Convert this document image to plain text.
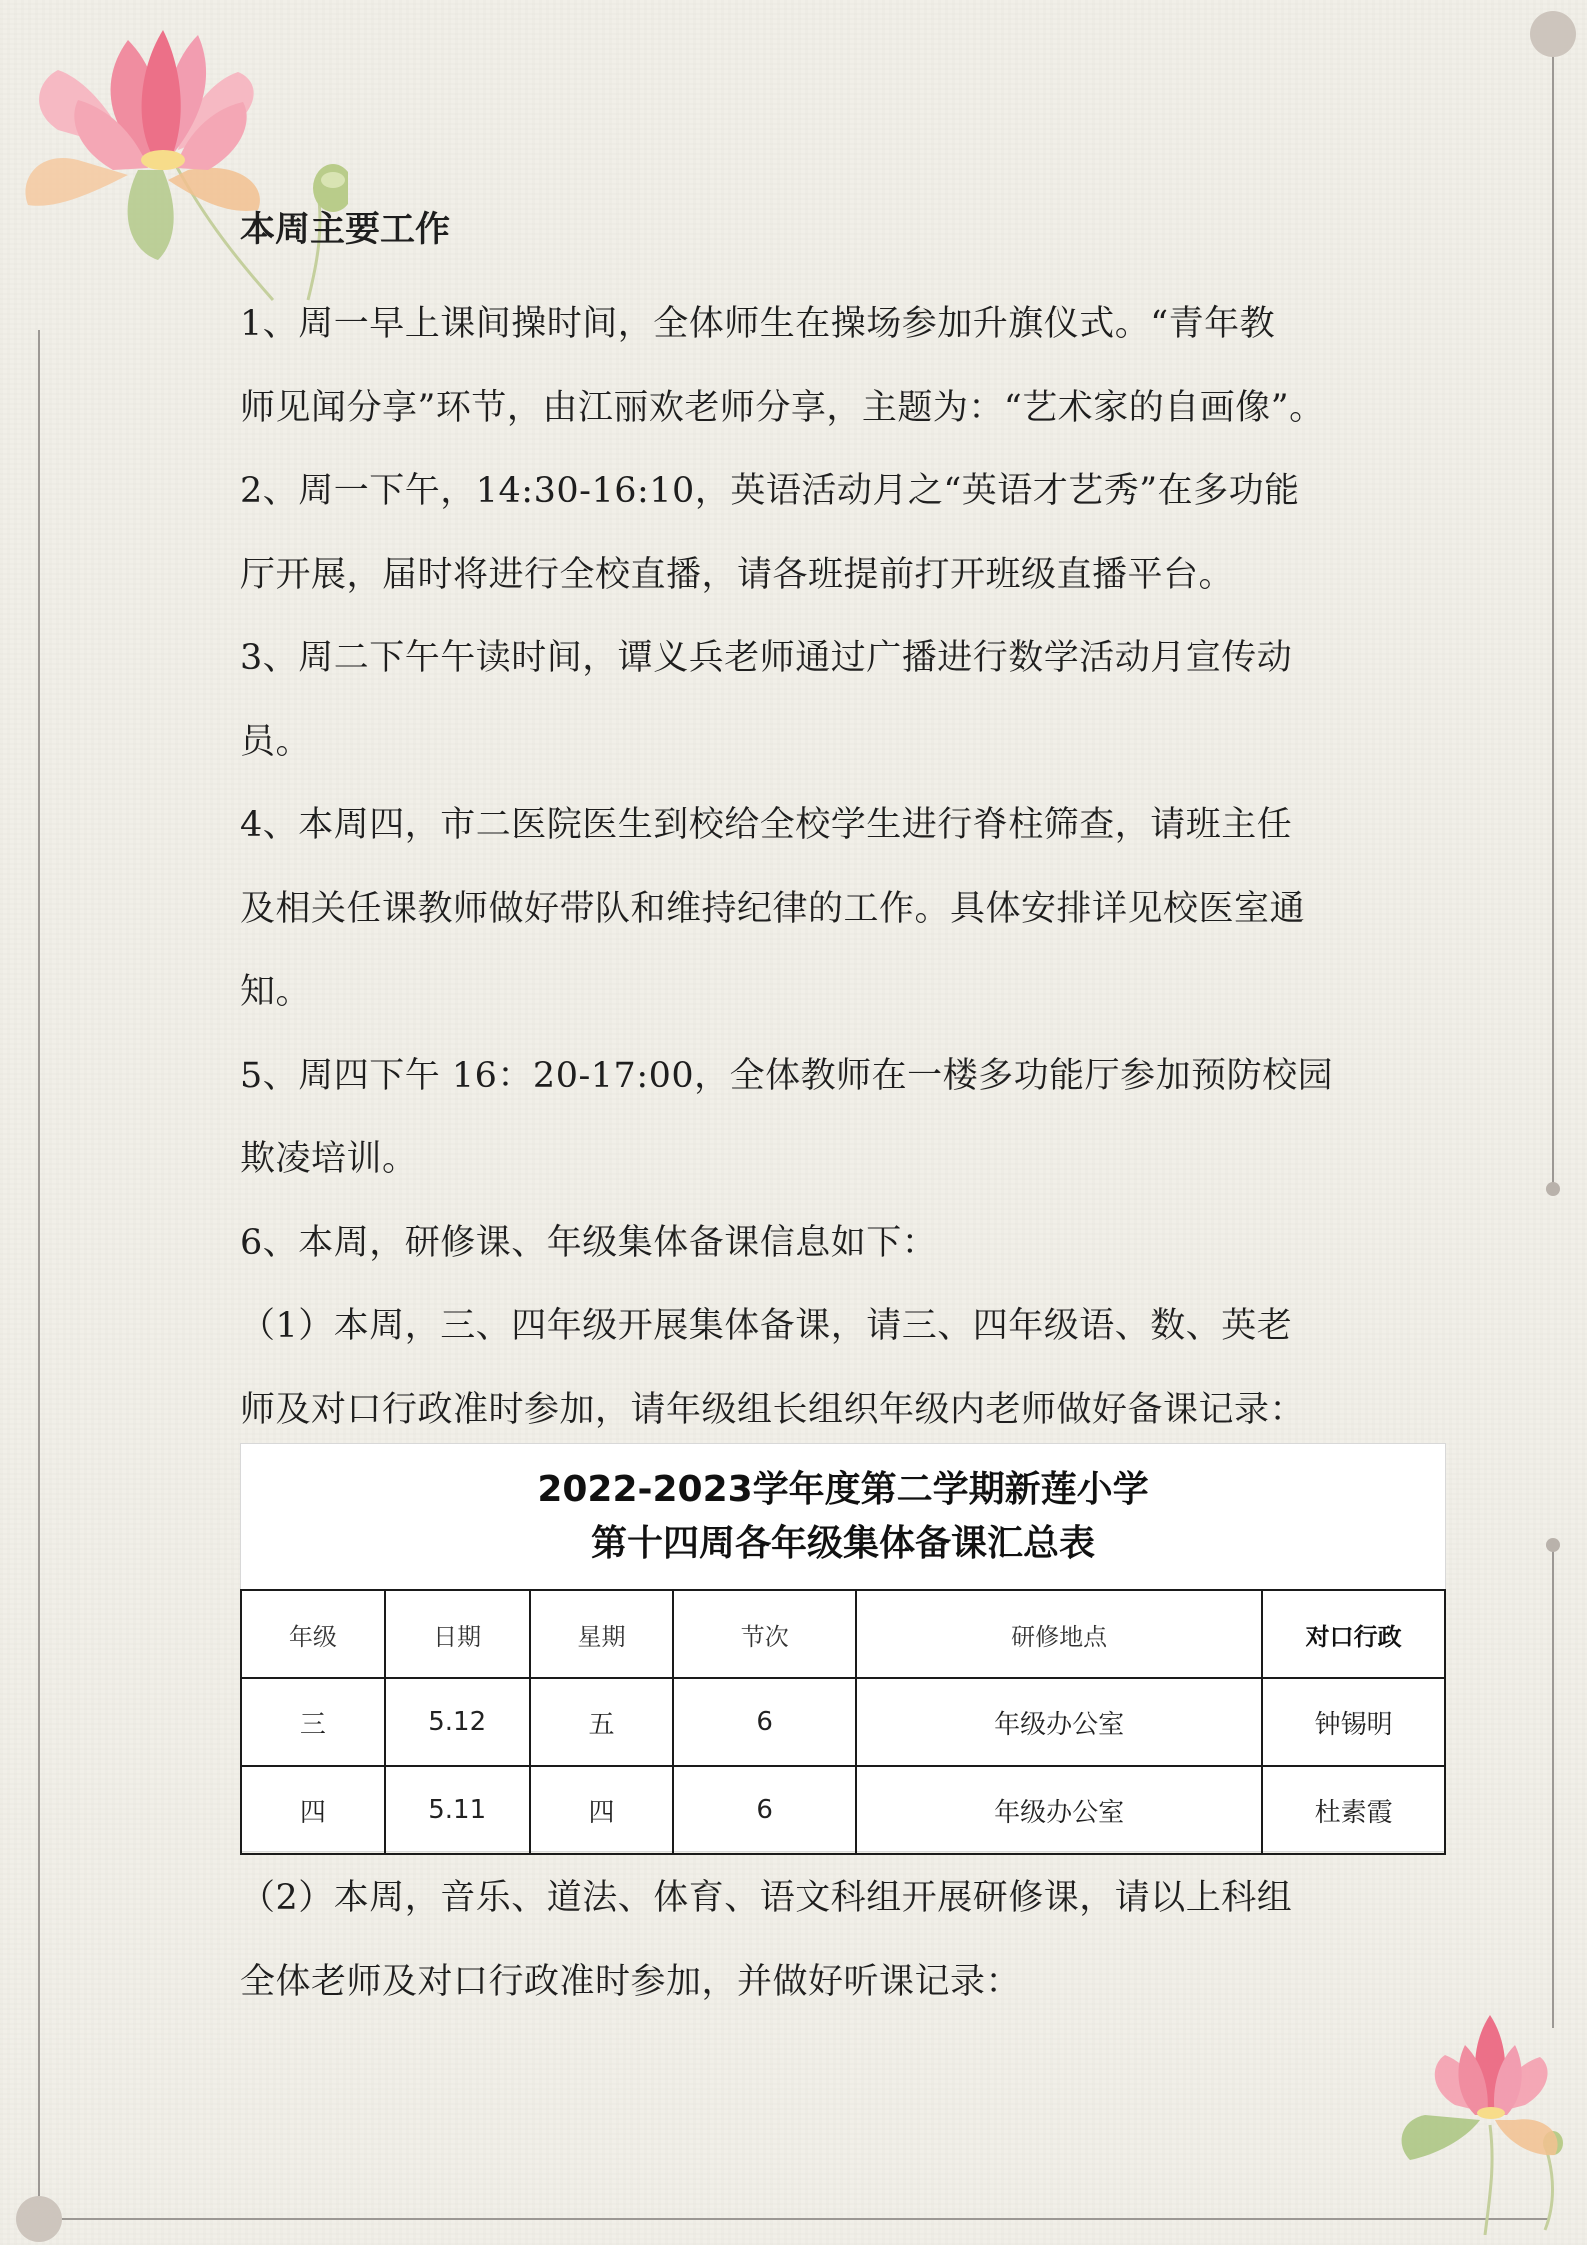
本周主要工作

1、周一早上课间操时间，全体师生在操场参加升旗仪式。“青年教

师见闻分享”环节，由江丽欢老师分享，主题为：“艺术家的自画像”。

2、周一下午，14:30-16:10，英语活动月之“英语才艺秀”在多功能

厅开展，届时将进行全校直播，请各班提前打开班级直播平台。

3、周二下午午读时间，谭义兵老师通过广播进行数学活动月宣传动

员。

4、本周四，市二医院医生到校给全校学生进行脊柱筛查，请班主任

及相关任课教师做好带队和维持纪律的工作。具体安排详见校医室通

知。

5、周四下午 16：20-17:00，全体教师在一楼多功能厅参加预防校园

欺凌培训。

6、本周，研修课、年级集体备课信息如下：

（1）本周，三、四年级开展集体备课，请三、四年级语、数、英老

师及对口行政准时参加，请年级组长组织年级内老师做好备课记录：

2022-2023学年度第二学期新莲小学
第十四周各年级集体备课汇总表
年级	日期	星期	节次	研修地点	对口行政
三	5.12	五	6	年级办公室	钟锡明
四	5.11	四	6	年级办公室	杜素霞

（2）本周，音乐、道法、体育、语文科组开展研修课，请以上科组

全体老师及对口行政准时参加，并做好听课记录：
